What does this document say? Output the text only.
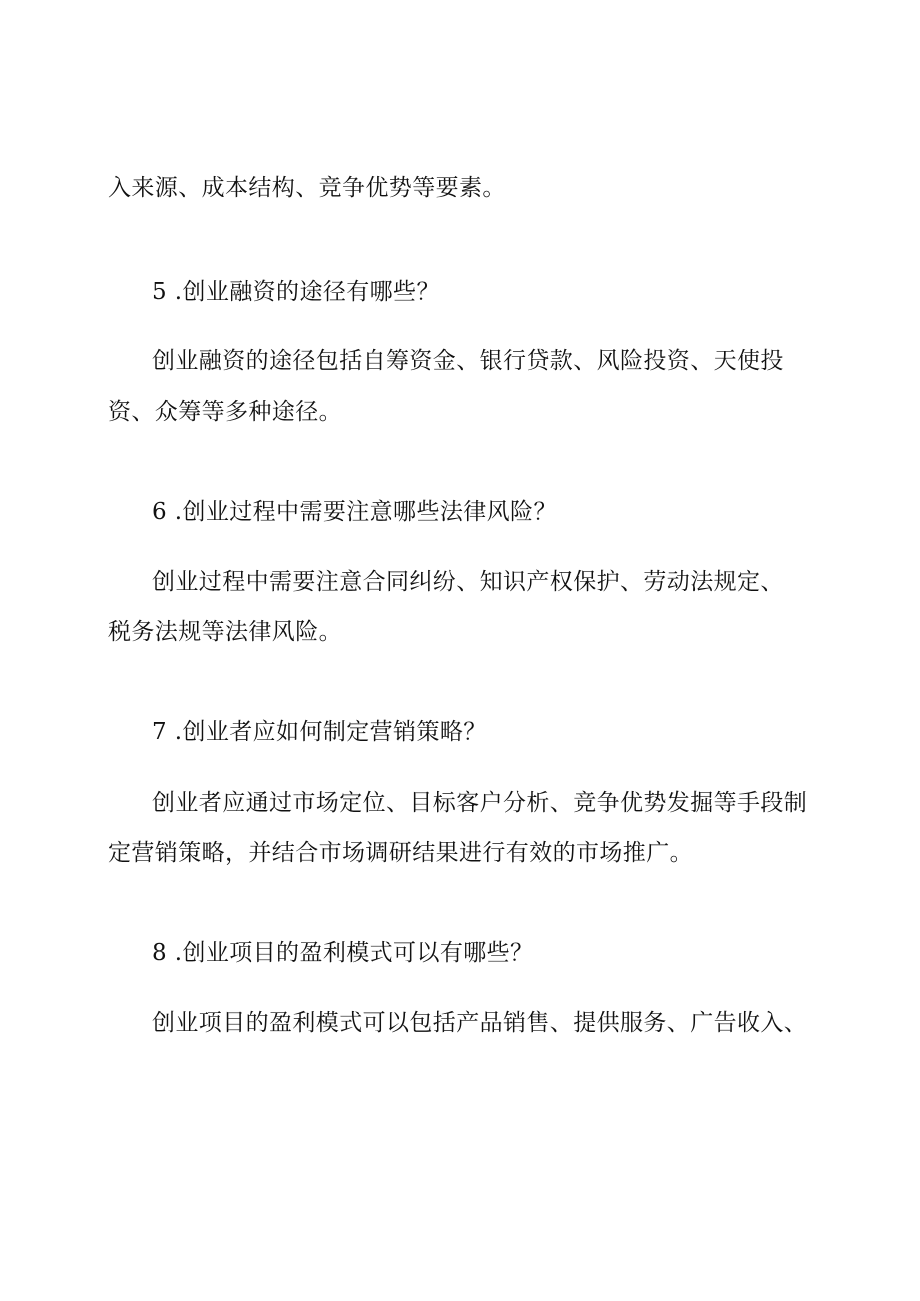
入来源、成本结构、竞争优势等要素。
5 .创业融资的途径有哪些？
创业融资的途径包括自筹资金、银行贷款、风险投资、天使投
资、众筹等多种途径。
6 .创业过程中需要注意哪些法律风险？
创业过程中需要注意合同纠纷、知识产权保护、劳动法规定、
税务法规等法律风险。
7 .创业者应如何制定营销策略？
创业者应通过市场定位、目标客户分析、竞争优势发掘等手段制
定营销策略，并结合市场调研结果进行有效的市场推广。
8 .创业项目的盈利模式可以有哪些？
创业项目的盈利模式可以包括产品销售、提供服务、广告收入、
